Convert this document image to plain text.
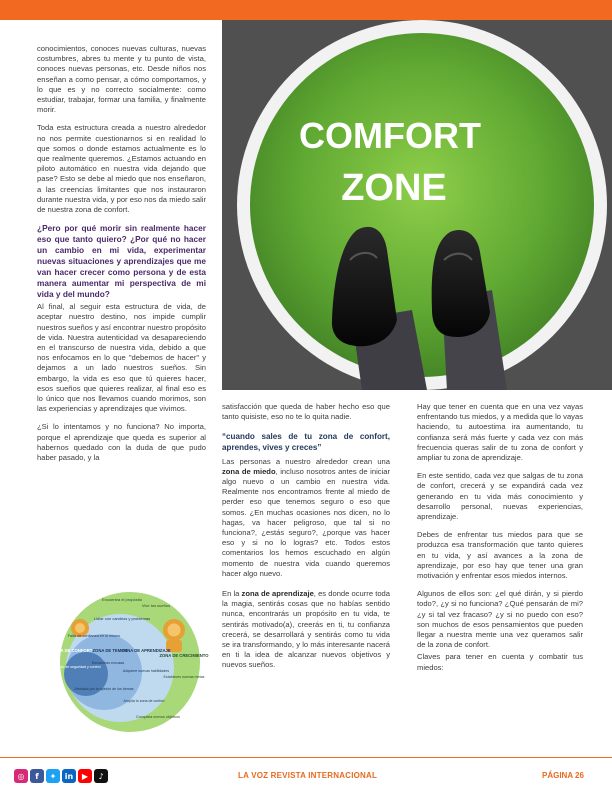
conocimientos, conoces nuevas culturas, nuevas costumbres, abres tu mente y tu punto de vista, conoces nuevas personas, etc. Desde niños nos enseñan a como pensar, a cómo comportamos, y lo que es y no correcto socialmente: como estudiar, trabajar, formar una familia, y finalmente morir.

Toda esta estructura creada a nuestro alrededor no nos permite cuestionarnos si en realidad lo que somos o donde estamos actualmente es lo que realmente queremos. ¿Estamos actuando en piloto automático en nuestra vida dejando que pase? Esto se debe al miedo que nos enseñaron, a las creencias limitantes que nos instauraron durante nuestra vida, y por eso nos da miedo salir de nuestra zona de confort.

¿Pero por qué morir sin realmente hacer eso que tanto quiero? ¿Por qué no hacer un cambio en mi vida, experimentar nuevas situaciones y aprendizajes que me van hacer crecer como persona y de esta manera aumentar mi perspectiva de mi vida y del mundo?

Al final, al seguir esta estructura de vida, de aceptar nuestro destino, nos impide cumplir nuestros sueños y así encontrar nuestro propósito de vida. Nuestra autenticidad va desapareciendo en el transcurso de nuestra vida, debido a que nos enfocamos en lo que "debemos de hacer" y dejamos a un lado nuestros sueños. Sin embargo, la vida es eso que tú quieres hacer, esos sueños que quieres realizar, al final eso es lo único que nos llevamos cuando morimos, son las experiencias y aprendizajes que vivimos.

¿Si lo intentamos y no funciona? No importa, porque el aprendizaje que queda es superior al habernos quedado con la duda de que pudo haber pasado, y la

COMFORT
ZONE
Encuentra el propósito
Vive tus sueños
Lidiar con cambios y problemas
Falta de confianza en sí mismo
ZONA DE CONFORT
Sensación de seguridad y control
ZONA DE TEMOR
Encuentras excusas
ZONA DE APRENDIZAJE
ZONA DE CRECIMIENTO
Adquiere nuevas habilidades
Estableces nuevas metas
Afectado por la opinión de los demás
Amplía tu zona de confort
Conquista nuevos objetivos

satisfacción que queda de haber hecho eso que tanto quisiste, eso no te lo quita nadie.

“cuando sales de tu zona de confort, aprendes, vives y creces”

Las personas a nuestro alrededor crean una zona de miedo, incluso nosotros antes de iniciar algo nuevo o un cambio en nuestra vida. Realmente nos encontramos frente al miedo de perder eso que tenemos seguro o eso que somos. ¿En muchas ocasiones nos dicen, no lo hagas, va hacer peligroso, que tal si no funciona?, ¿estás seguro?, ¿porque vas hacer eso y si no lo logras? etc. Todos estos comentarios los hemos escuchado en algún momento de nuestra vida cuando queremos hacer algo nuevo.

En la zona de aprendizaje, es donde ocurre toda la magia, sentirás cosas que no habías sentido nunca, encontrarás un propósito en tu vida, te sentirás motivado(a), creerás en ti, tu confianza crecerá, se desarrollará y sentirás como tu vida se ira transformando, y lo más interesante nacerá en ti la idea de alcanzar nuevos objetivos y nuevos sueños.

Hay que tener en cuenta que en una vez vayas enfrentando tus miedos, y a medida que lo vayas haciendo, tu autoestima ira aumentando, tu confianza será más fuerte y cada vez con más frecuencia queras salir de tu zona de confort y ampliar tu zona de aprendizaje.

En este sentido, cada vez que salgas de tu zona de confort, crecerá y se expandirá cada vez generando en tu vida más conocimiento y desarrollo personal, nuevas experiencias, aprendizaje.

Debes de enfrentar tus miedos para que se produzca esa transformación que tanto quieres en tu vida, y así avances a la zona de aprendizaje, por eso hay que tener una gran motivación y enfrentar esos miedos internos.

Algunos de ellos son: ¿el qué dirán, y si pierdo todo?, ¿y si no funciona? ¿Qué pensarán de mi? ¿y si tal vez fracaso? ¿y si no puedo con eso? son muchos de esos pensamientos que pueden llegar a nuestra mente una vez queramos salir de la zona de confort.

Claves para tener en cuenta y combatir tus miedos:

◎	f	✦	in	▶	♪	LA VOZ REVISTA INTERNACIONAL	PÁGINA 26
